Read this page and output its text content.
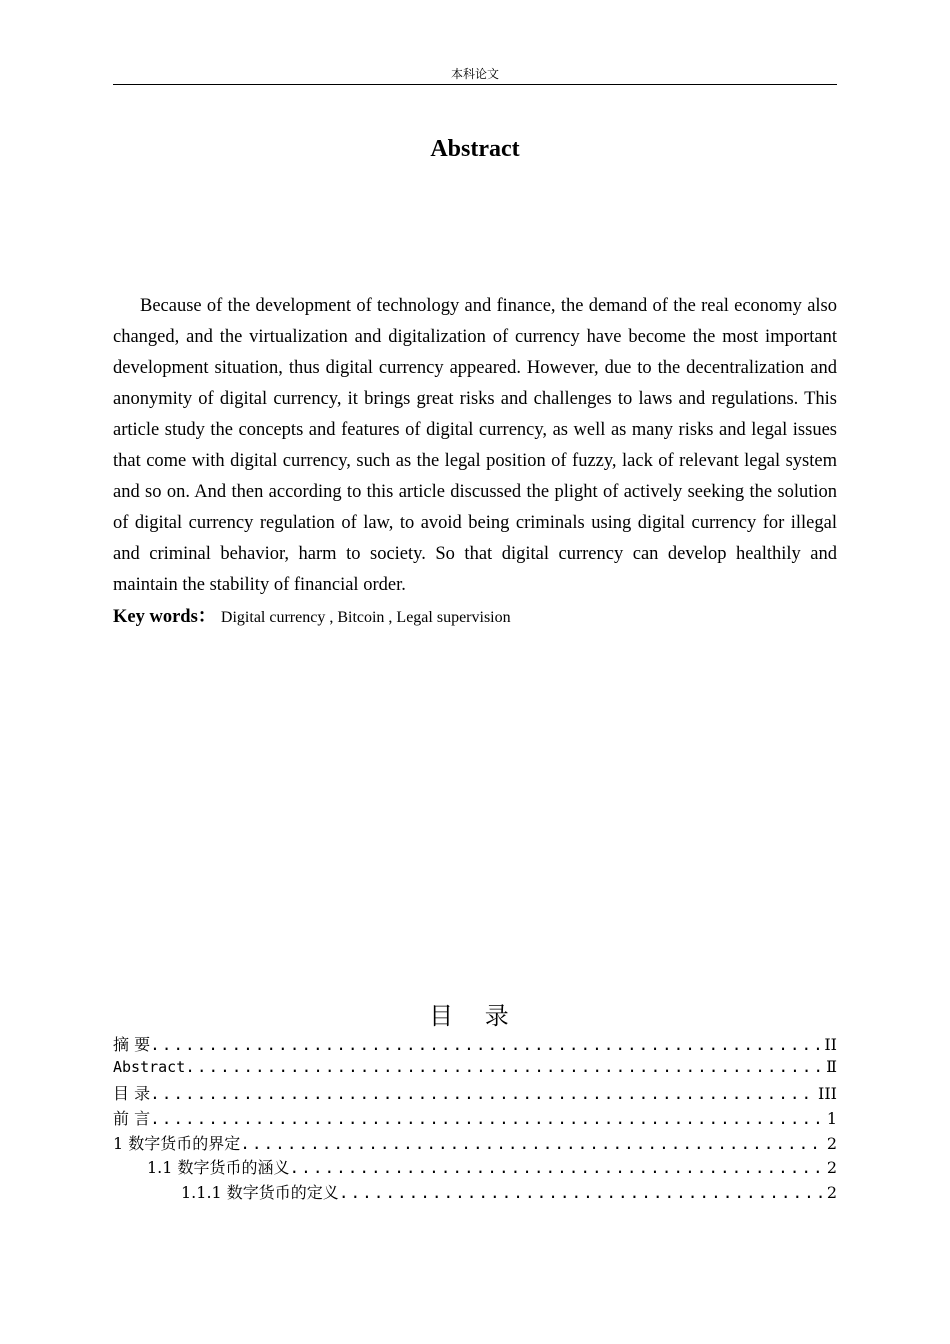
本科论文
Abstract

Because of the development of technology and finance, the demand of the real economy also changed, and the virtualization and digitalization of currency have become the most important development situation, thus digital currency appeared. However, due to the decentralization and anonymity of digital currency, it brings great risks and challenges to laws and regulations. This article study the concepts and features of digital currency, as well as many risks and legal issues that come with digital currency, such as the legal position of fuzzy, lack of relevant legal system and so on. And then according to this article discussed the plight of actively seeking the solution of digital currency regulation of law, to avoid being criminals using digital currency for illegal and criminal behavior, harm to society. So that digital currency can develop healthily and maintain the stability of financial order.

Key words： Digital currency , Bitcoin , Legal supervision
目 录
摘 要 .....	II
Abstract .....	Ⅱ
目 录 .....	III
前 言 .....	1
1 数字货币的界定 .....	2
1.1 数字货币的涵义 .....	2
1.1.1 数字货币的定义 .....	2
